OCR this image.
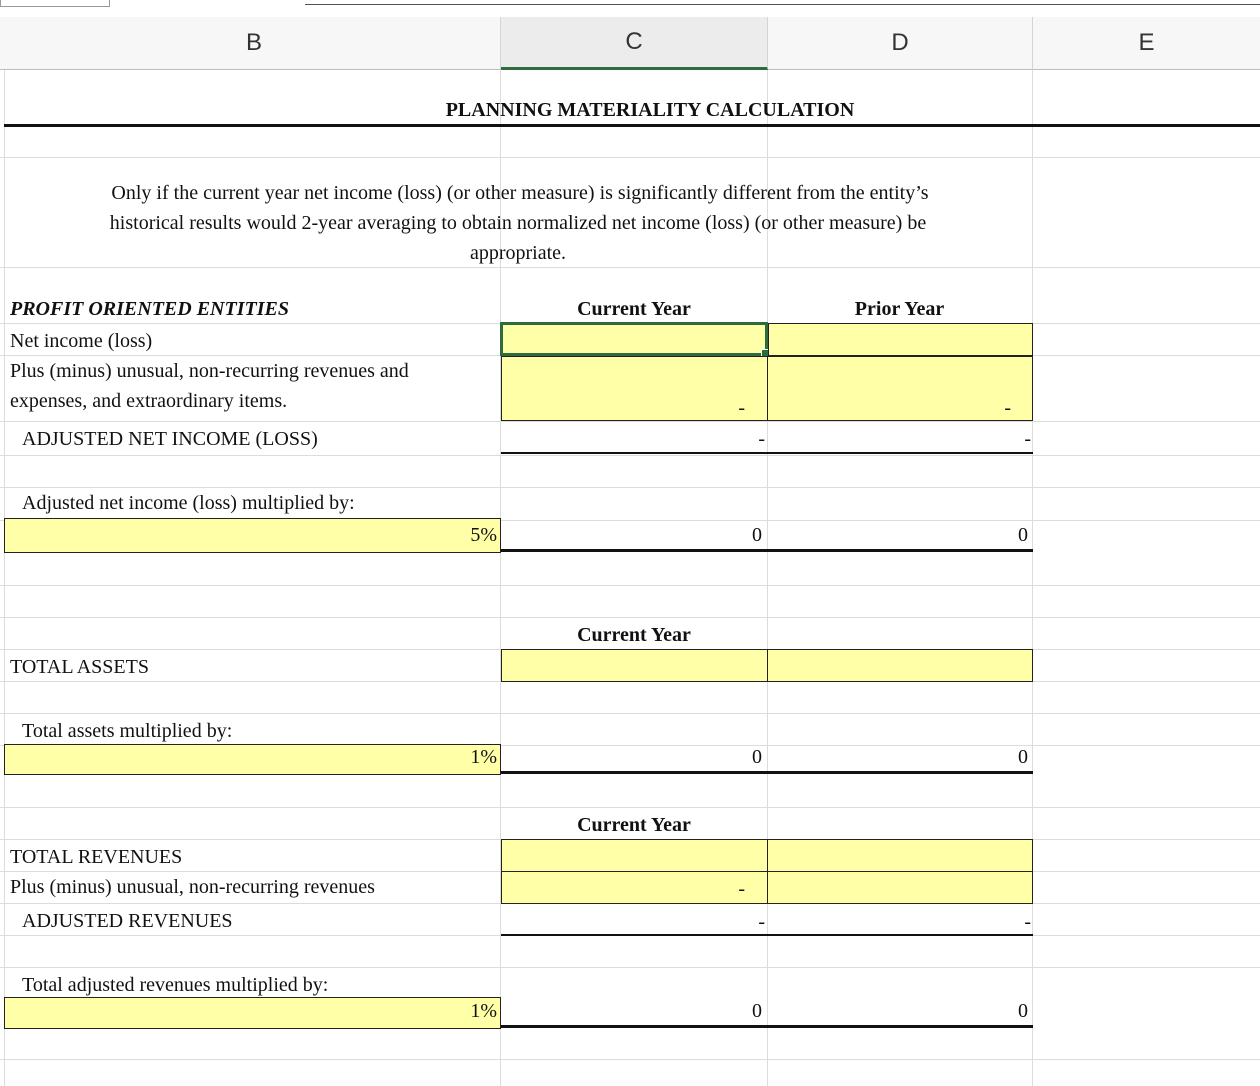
B	C	D	E
PLANNING MATERIALITY CALCULATION
Only if the current year net income (loss) (or other measure) is significantly different from the entity’s
historical results would 2-year averaging to obtain normalized net income (loss) (or other measure) be
appropriate.
PROFIT ORIENTED ENTITIES	Current Year	Prior Year
Net income (loss)
Plus (minus) unusual, non-recurring revenues and
expenses, and extraordinary items.	-	-
ADJUSTED NET INCOME (LOSS)	-	-
Adjusted net income (loss) multiplied by:
5%	0	0
Current Year
TOTAL ASSETS
Total assets multiplied by:
1%	0	0
Current Year
TOTAL REVENUES
Plus (minus) unusual, non-recurring revenues	-
ADJUSTED REVENUES	-	-
Total adjusted revenues multiplied by:
1%	0	0
